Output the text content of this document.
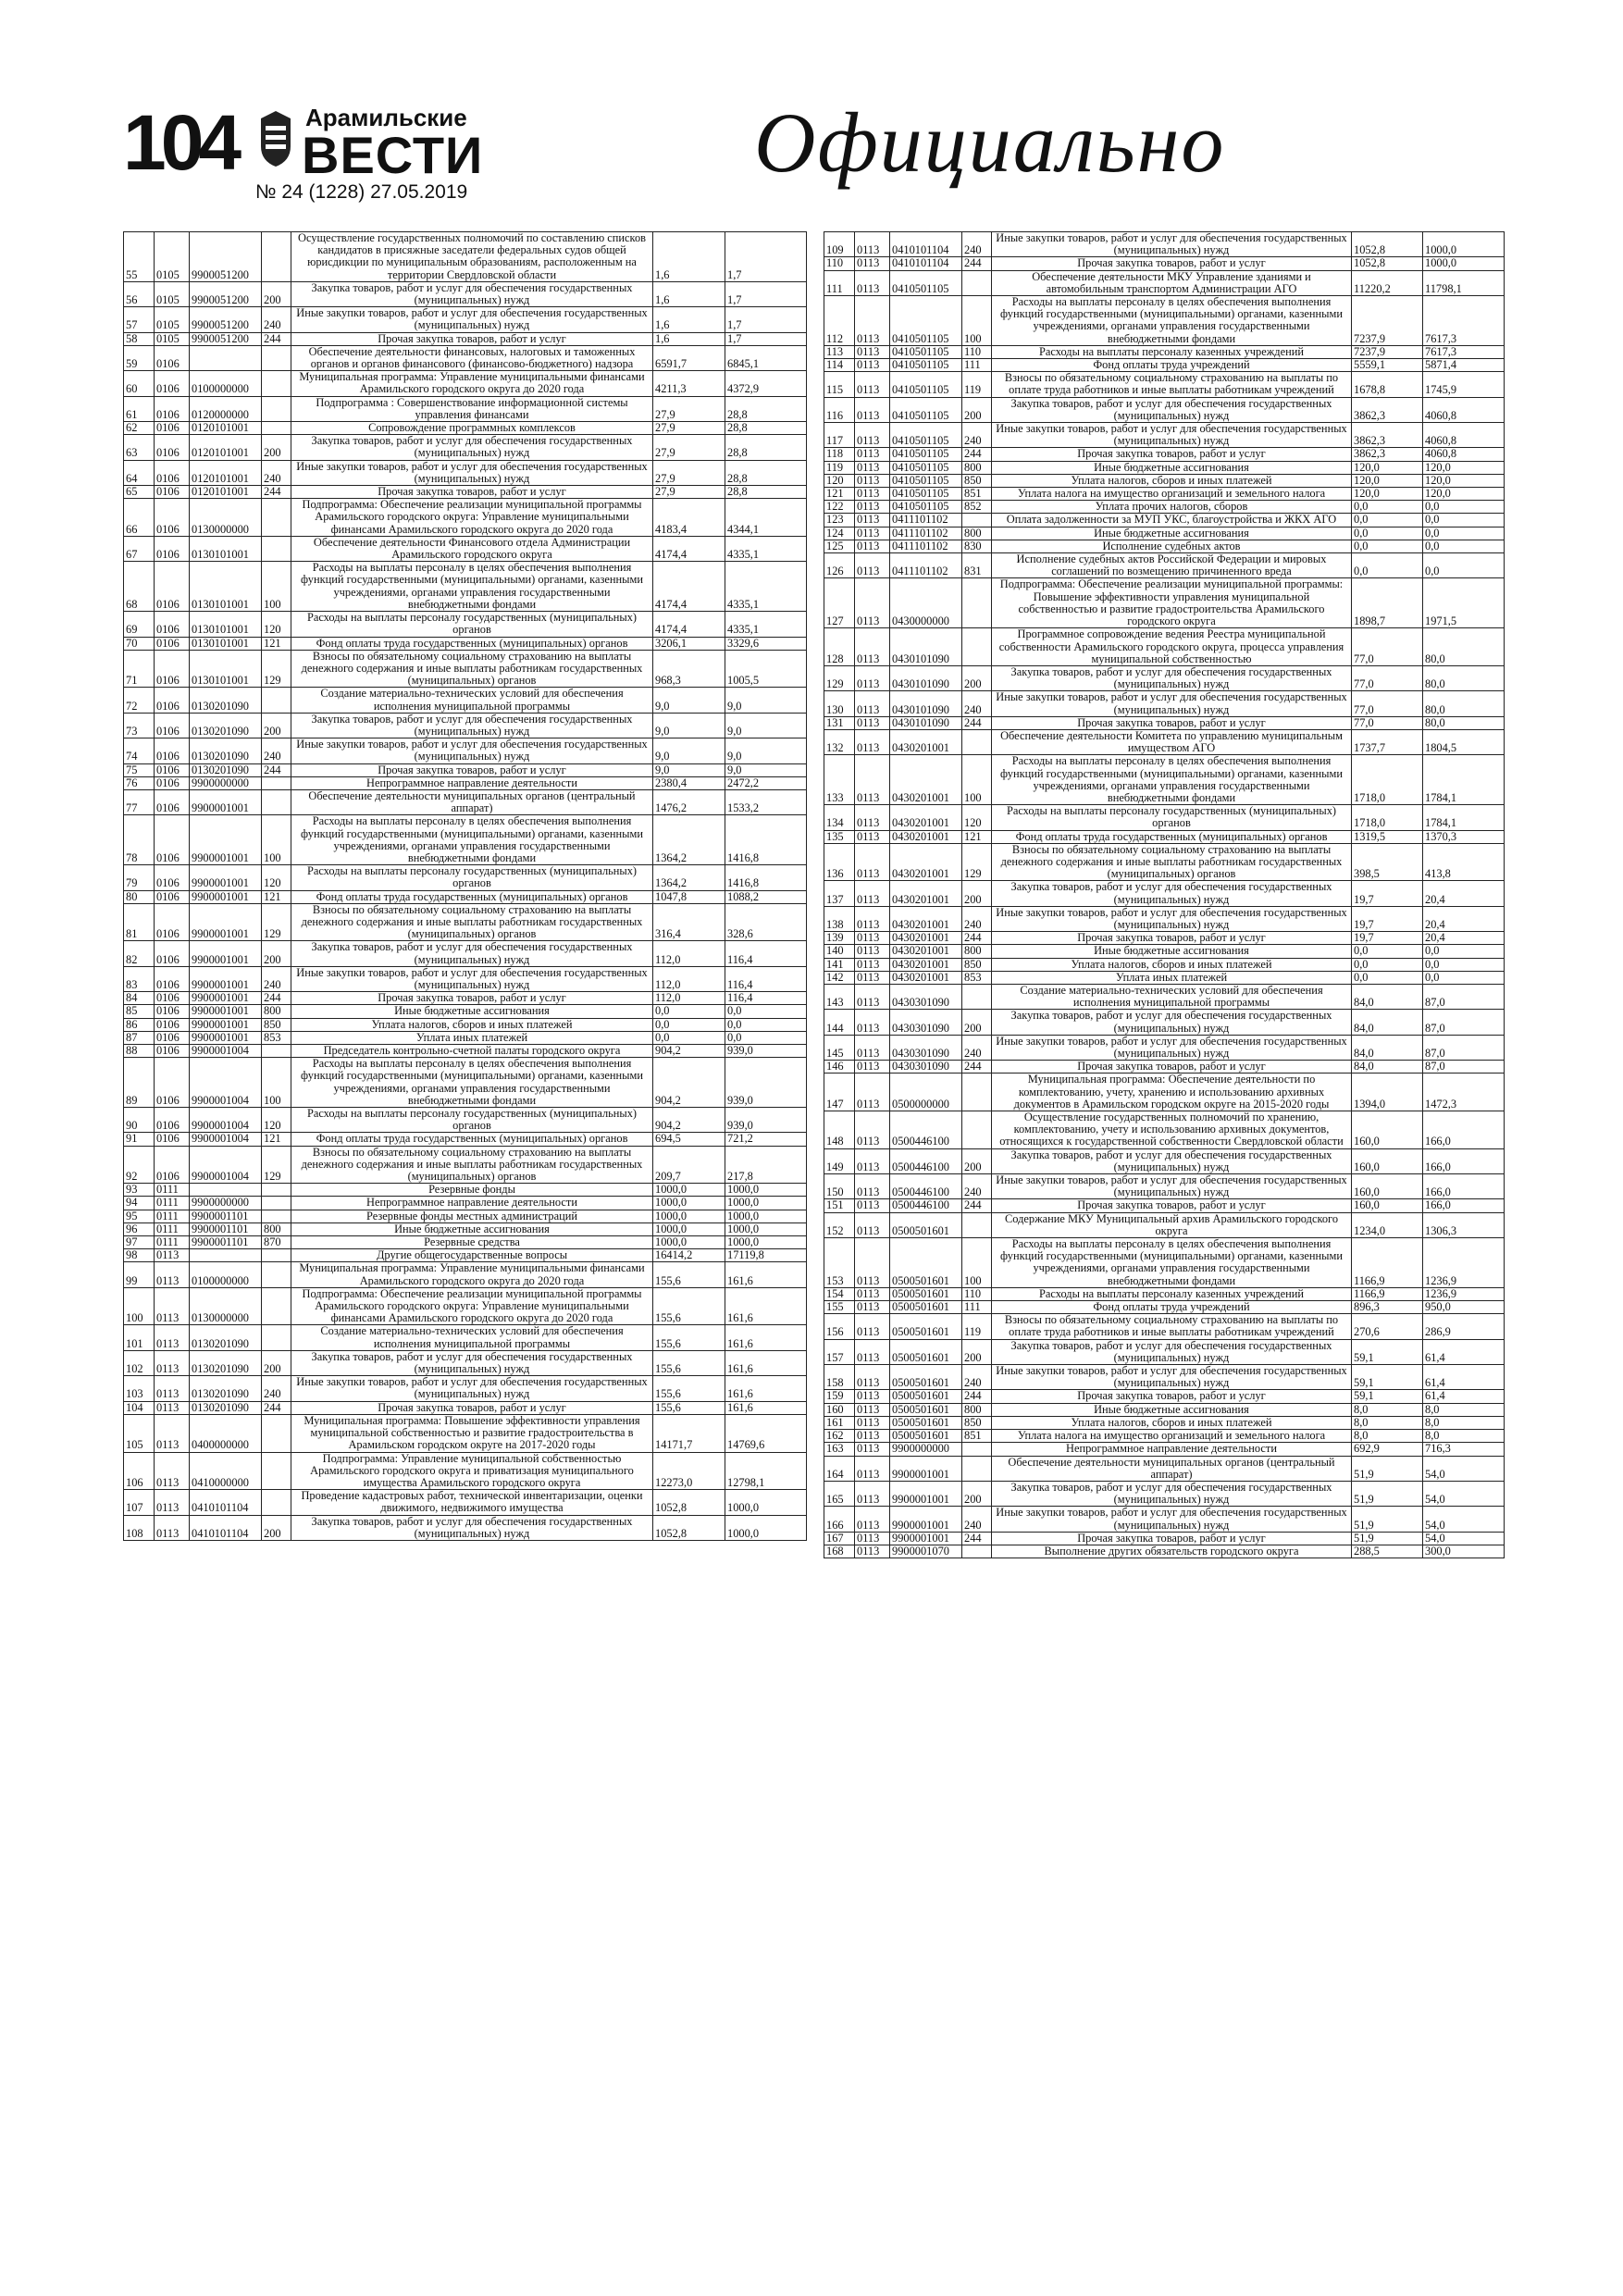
104	Арамильские
ВЕСТИ
№ 24 (1228) 27.05.2019
Официально
55	0105	9900051200		Осуществление государственных полномочий по составлению списков кандидатов в присяжные заседатели федеральных судов общей юрисдикции по муниципальным образованиям, расположенным на территории Свердловской области	1,6	1,7
56	0105	9900051200	200	Закупка товаров, работ и услуг для обеспечения государственных (муниципальных) нужд	1,6	1,7
57	0105	9900051200	240	Иные закупки товаров, работ и услуг для обеспечения государственных (муниципальных) нужд	1,6	1,7
58	0105	9900051200	244	Прочая закупка товаров, работ и услуг	1,6	1,7
59	0106			Обеспечение деятельности финансовых, налоговых и таможенных органов и органов финансового (финансово-бюджетного) надзора	6591,7	6845,1
60	0106	0100000000		Муниципальная программа: Управление муниципальными финансами Арамильского городского округа до 2020 года	4211,3	4372,9
61	0106	0120000000		Подпрограмма : Совершенствование информационной системы управления финансами	27,9	28,8
62	0106	0120101001		Сопровождение программных комплексов	27,9	28,8
63	0106	0120101001	200	Закупка товаров, работ и услуг для обеспечения государственных (муниципальных) нужд	27,9	28,8
64	0106	0120101001	240	Иные закупки товаров, работ и услуг для обеспечения государственных (муниципальных) нужд	27,9	28,8
65	0106	0120101001	244	Прочая закупка товаров, работ и услуг	27,9	28,8
66	0106	0130000000		Подпрограмма: Обеспечение реализации муниципальной программы Арамильского городского округа: Управление муниципальными финансами Арамильского городского округа до 2020 года	4183,4	4344,1
67	0106	0130101001		Обеспечение деятельности Финансового отдела Администрации Арамильского городского округа	4174,4	4335,1
68	0106	0130101001	100	Расходы на выплаты персоналу в целях обеспечения выполнения функций государственными (муниципальными) органами, казенными учреждениями, органами управления государственными внебюджетными фондами	4174,4	4335,1
69	0106	0130101001	120	Расходы на выплаты персоналу государственных (муниципальных) органов	4174,4	4335,1
70	0106	0130101001	121	Фонд оплаты труда государственных (муниципальных) органов	3206,1	3329,6
71	0106	0130101001	129	Взносы по обязательному социальному страхованию на выплаты денежного содержания и иные выплаты работникам государственных (муниципальных) органов	968,3	1005,5
72	0106	0130201090		Создание материально-технических условий для обеспечения исполнения муниципальной программы	9,0	9,0
73	0106	0130201090	200	Закупка товаров, работ и услуг для обеспечения государственных (муниципальных) нужд	9,0	9,0
74	0106	0130201090	240	Иные закупки товаров, работ и услуг для обеспечения государственных (муниципальных) нужд	9,0	9,0
75	0106	0130201090	244	Прочая закупка товаров, работ и услуг	9,0	9,0
76	0106	9900000000		Непрограммное направление деятельности	2380,4	2472,2
77	0106	9900001001		Обеспечение деятельности муниципальных органов (центральный аппарат)	1476,2	1533,2
78	0106	9900001001	100	Расходы на выплаты персоналу в целях обеспечения выполнения функций государственными (муниципальными) органами, казенными учреждениями, органами управления государственными внебюджетными фондами	1364,2	1416,8
79	0106	9900001001	120	Расходы на выплаты персоналу государственных (муниципальных) органов	1364,2	1416,8
80	0106	9900001001	121	Фонд оплаты труда государственных (муниципальных) органов	1047,8	1088,2
81	0106	9900001001	129	Взносы по обязательному социальному страхованию на выплаты денежного содержания и иные выплаты работникам государственных (муниципальных) органов	316,4	328,6
82	0106	9900001001	200	Закупка товаров, работ и услуг для обеспечения государственных (муниципальных) нужд	112,0	116,4
83	0106	9900001001	240	Иные закупки товаров, работ и услуг для обеспечения государственных (муниципальных) нужд	112,0	116,4
84	0106	9900001001	244	Прочая закупка товаров, работ и услуг	112,0	116,4
85	0106	9900001001	800	Иные бюджетные ассигнования	0,0	0,0
86	0106	9900001001	850	Уплата налогов, сборов и иных платежей	0,0	0,0
87	0106	9900001001	853	Уплата иных платежей	0,0	0,0
88	0106	9900001004		Председатель контрольно-счетной палаты городского округа	904,2	939,0
89	0106	9900001004	100	Расходы на выплаты персоналу в целях обеспечения выполнения функций государственными (муниципальными) органами, казенными учреждениями, органами управления государственными внебюджетными фондами	904,2	939,0
90	0106	9900001004	120	Расходы на выплаты персоналу государственных (муниципальных) органов	904,2	939,0
91	0106	9900001004	121	Фонд оплаты труда государственных (муниципальных) органов	694,5	721,2
92	0106	9900001004	129	Взносы по обязательному социальному страхованию на выплаты денежного содержания и иные выплаты работникам государственных (муниципальных) органов	209,7	217,8
93	0111			Резервные фонды	1000,0	1000,0
94	0111	9900000000		Непрограммное направление деятельности	1000,0	1000,0
95	0111	9900001101		Резервные фонды местных администраций	1000,0	1000,0
96	0111	9900001101	800	Иные бюджетные ассигнования	1000,0	1000,0
97	0111	9900001101	870	Резервные средства	1000,0	1000,0
98	0113			Другие общегосударственные вопросы	16414,2	17119,8
99	0113	0100000000		Муниципальная программа: Управление муниципальными финансами Арамильского городского округа до 2020 года	155,6	161,6
100	0113	0130000000		Подпрограмма: Обеспечение реализации муниципальной программы Арамильского городского округа: Управление муниципальными финансами Арамильского городского округа до 2020 года	155,6	161,6
101	0113	0130201090		Создание материально-технических условий для обеспечения исполнения муниципальной программы	155,6	161,6
102	0113	0130201090	200	Закупка товаров, работ и услуг для обеспечения государственных (муниципальных) нужд	155,6	161,6
103	0113	0130201090	240	Иные закупки товаров, работ и услуг для обеспечения государственных (муниципальных) нужд	155,6	161,6
104	0113	0130201090	244	Прочая закупка товаров, работ и услуг	155,6	161,6
105	0113	0400000000		Муниципальная программа: Повышение эффективности управления муниципальной собственностью и развитие градостроительства в Арамильском городском округе на 2017-2020 годы	14171,7	14769,6
106	0113	0410000000		Подпрограмма: Управление муниципальной собственностью Арамильского городского округа и приватизация муниципального имущества Арамильского городского округа	12273,0	12798,1
107	0113	0410101104		Проведение кадастровых работ, технической инвентаризации, оценки движимого, недвижимого имущества	1052,8	1000,0
108	0113	0410101104	200	Закупка товаров, работ и услуг для обеспечения государственных (муниципальных) нужд	1052,8	1000,0
109	0113	0410101104	240	Иные закупки товаров, работ и услуг для обеспечения государственных (муниципальных) нужд	1052,8	1000,0
110	0113	0410101104	244	Прочая закупка товаров, работ и услуг	1052,8	1000,0
111	0113	0410501105		Обеспечение деятельности МКУ Управление зданиями и автомобильным транспортом Администрации АГО	11220,2	11798,1
112	0113	0410501105	100	Расходы на выплаты персоналу в целях обеспечения выполнения функций государственными (муниципальными) органами, казенными учреждениями, органами управления государственными внебюджетными фондами	7237,9	7617,3
113	0113	0410501105	110	Расходы на выплаты персоналу казенных учреждений	7237,9	7617,3
114	0113	0410501105	111	Фонд оплаты труда учреждений	5559,1	5871,4
115	0113	0410501105	119	Взносы по обязательному социальному страхованию на выплаты по оплате труда работников и иные выплаты работникам учреждений	1678,8	1745,9
116	0113	0410501105	200	Закупка товаров, работ и услуг для обеспечения государственных (муниципальных) нужд	3862,3	4060,8
117	0113	0410501105	240	Иные закупки товаров, работ и услуг для обеспечения государственных (муниципальных) нужд	3862,3	4060,8
118	0113	0410501105	244	Прочая закупка товаров, работ и услуг	3862,3	4060,8
119	0113	0410501105	800	Иные бюджетные ассигнования	120,0	120,0
120	0113	0410501105	850	Уплата налогов, сборов и иных платежей	120,0	120,0
121	0113	0410501105	851	Уплата налога на имущество организаций и земельного налога	120,0	120,0
122	0113	0410501105	852	Уплата прочих налогов, сборов	0,0	0,0
123	0113	0411101102		Оплата задолженности за МУП УКС, благоустройства и ЖКХ АГО	0,0	0,0
124	0113	0411101102	800	Иные бюджетные ассигнования	0,0	0,0
125	0113	0411101102	830	Исполнение судебных актов	0,0	0,0
126	0113	0411101102	831	Исполнение судебных актов Российской Федерации и мировых соглашений по возмещению причиненного вреда	0,0	0,0
127	0113	0430000000		Подпрограмма: Обеспечение реализации муниципальной программы: Повышение эффективности управления муниципальной собственностью и развитие градостроительства Арамильского городского округа	1898,7	1971,5
128	0113	0430101090		Программное сопровождение ведения Реестра муниципальной собственности Арамильского городского округа, процесса управления муниципальной собственностью	77,0	80,0
129	0113	0430101090	200	Закупка товаров, работ и услуг для обеспечения государственных (муниципальных) нужд	77,0	80,0
130	0113	0430101090	240	Иные закупки товаров, работ и услуг для обеспечения государственных (муниципальных) нужд	77,0	80,0
131	0113	0430101090	244	Прочая закупка товаров, работ и услуг	77,0	80,0
132	0113	0430201001		Обеспечение деятельности Комитета по управлению муниципальным имуществом АГО	1737,7	1804,5
133	0113	0430201001	100	Расходы на выплаты персоналу в целях обеспечения выполнения функций государственными (муниципальными) органами, казенными учреждениями, органами управления государственными внебюджетными фондами	1718,0	1784,1
134	0113	0430201001	120	Расходы на выплаты персоналу государственных (муниципальных) органов	1718,0	1784,1
135	0113	0430201001	121	Фонд оплаты труда государственных (муниципальных) органов	1319,5	1370,3
136	0113	0430201001	129	Взносы по обязательному социальному страхованию на выплаты денежного содержания и иные выплаты работникам государственных (муниципальных) органов	398,5	413,8
137	0113	0430201001	200	Закупка товаров, работ и услуг для обеспечения государственных (муниципальных) нужд	19,7	20,4
138	0113	0430201001	240	Иные закупки товаров, работ и услуг для обеспечения государственных (муниципальных) нужд	19,7	20,4
139	0113	0430201001	244	Прочая закупка товаров, работ и услуг	19,7	20,4
140	0113	0430201001	800	Иные бюджетные ассигнования	0,0	0,0
141	0113	0430201001	850	Уплата налогов, сборов и иных платежей	0,0	0,0
142	0113	0430201001	853	Уплата иных платежей	0,0	0,0
143	0113	0430301090		Создание материально-технических условий для обеспечения исполнения муниципальной программы	84,0	87,0
144	0113	0430301090	200	Закупка товаров, работ и услуг для обеспечения государственных (муниципальных) нужд	84,0	87,0
145	0113	0430301090	240	Иные закупки товаров, работ и услуг для обеспечения государственных (муниципальных) нужд	84,0	87,0
146	0113	0430301090	244	Прочая закупка товаров, работ и услуг	84,0	87,0
147	0113	0500000000		Муниципальная программа: Обеспечение деятельности по комплектованию, учету, хранению и использованию архивных документов в Арамильском городском округе на 2015-2020 годы	1394,0	1472,3
148	0113	0500446100		Осуществление государственных полномочий по хранению, комплектованию, учету и использованию архивных документов, относящихся к государственной собственности Свердловской области	160,0	166,0
149	0113	0500446100	200	Закупка товаров, работ и услуг для обеспечения государственных (муниципальных) нужд	160,0	166,0
150	0113	0500446100	240	Иные закупки товаров, работ и услуг для обеспечения государственных (муниципальных) нужд	160,0	166,0
151	0113	0500446100	244	Прочая закупка товаров, работ и услуг	160,0	166,0
152	0113	0500501601		Содержание МКУ Муниципальный архив Арамильского городского округа	1234,0	1306,3
153	0113	0500501601	100	Расходы на выплаты персоналу в целях обеспечения выполнения функций государственными (муниципальными) органами, казенными учреждениями, органами управления государственными внебюджетными фондами	1166,9	1236,9
154	0113	0500501601	110	Расходы на выплаты персоналу казенных учреждений	1166,9	1236,9
155	0113	0500501601	111	Фонд оплаты труда учреждений	896,3	950,0
156	0113	0500501601	119	Взносы по обязательному социальному страхованию на выплаты по оплате труда работников и иные выплаты работникам учреждений	270,6	286,9
157	0113	0500501601	200	Закупка товаров, работ и услуг для обеспечения государственных (муниципальных) нужд	59,1	61,4
158	0113	0500501601	240	Иные закупки товаров, работ и услуг для обеспечения государственных (муниципальных) нужд	59,1	61,4
159	0113	0500501601	244	Прочая закупка товаров, работ и услуг	59,1	61,4
160	0113	0500501601	800	Иные бюджетные ассигнования	8,0	8,0
161	0113	0500501601	850	Уплата налогов, сборов и иных платежей	8,0	8,0
162	0113	0500501601	851	Уплата налога на имущество организаций и земельного налога	8,0	8,0
163	0113	9900000000		Непрограммное направление деятельности	692,9	716,3
164	0113	9900001001		Обеспечение деятельности муниципальных органов (центральный аппарат)	51,9	54,0
165	0113	9900001001	200	Закупка товаров, работ и услуг для обеспечения государственных (муниципальных) нужд	51,9	54,0
166	0113	9900001001	240	Иные закупки товаров, работ и услуг для обеспечения государственных (муниципальных) нужд	51,9	54,0
167	0113	9900001001	244	Прочая закупка товаров, работ и услуг	51,9	54,0
168	0113	9900001070		Выполнение других обязательств городского округа	288,5	300,0
